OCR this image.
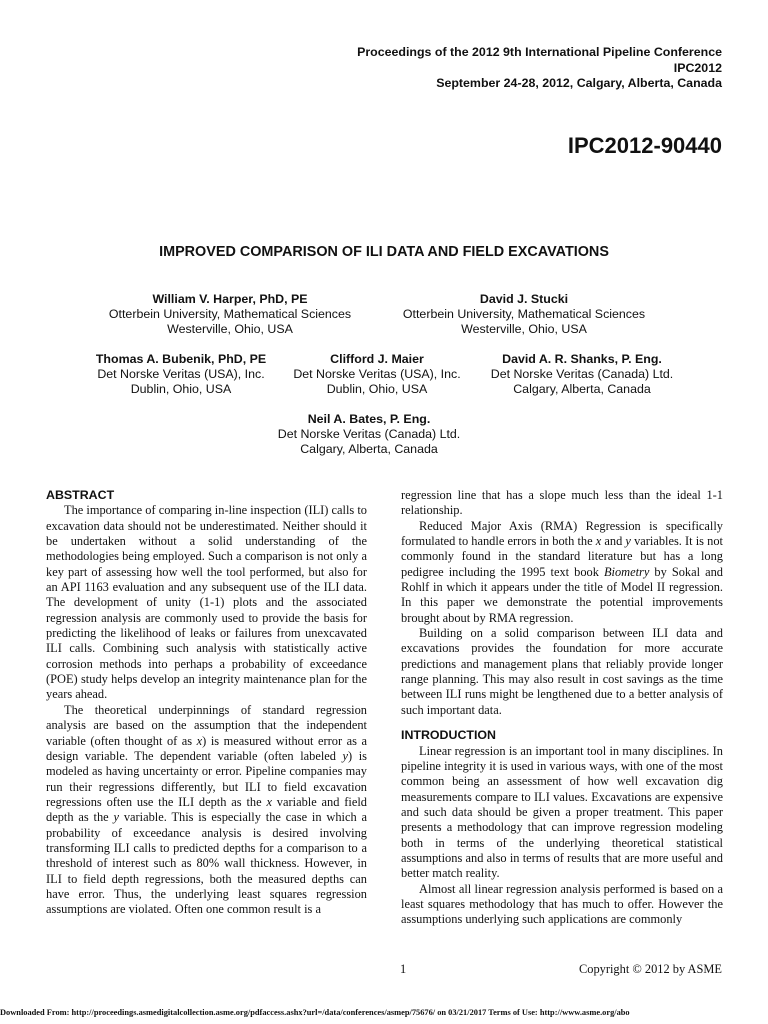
Proceedings of the 2012 9th International Pipeline Conference
IPC2012
September 24-28, 2012, Calgary, Alberta, Canada
IPC2012-90440
IMPROVED COMPARISON OF ILI DATA AND FIELD EXCAVATIONS
William V. Harper, PhD, PE
Otterbein University, Mathematical Sciences
Westerville, Ohio, USA
David J. Stucki
Otterbein University, Mathematical Sciences
Westerville, Ohio, USA
Thomas A. Bubenik, PhD, PE
Det Norske Veritas (USA), Inc.
Dublin, Ohio, USA
Clifford J. Maier
Det Norske Veritas (USA), Inc.
Dublin, Ohio, USA
David A. R. Shanks, P. Eng.
Det Norske Veritas (Canada) Ltd.
Calgary, Alberta, Canada
Neil A. Bates, P. Eng.
Det Norske Veritas (Canada) Ltd.
Calgary, Alberta, Canada
ABSTRACT

The importance of comparing in-line inspection (ILI) calls to excavation data should not be underestimated. Neither should it be undertaken without a solid understanding of the methodologies being employed. Such a comparison is not only a key part of assessing how well the tool performed, but also for an API 1163 evaluation and any subsequent use of the ILI data. The development of unity (1-1) plots and the associated regression analysis are commonly used to provide the basis for predicting the likelihood of leaks or failures from unexcavated ILI calls. Combining such analysis with statistically active corrosion methods into perhaps a probability of exceedance (POE) study helps develop an integrity maintenance plan for the years ahead.

The theoretical underpinnings of standard regression analysis are based on the assumption that the independent variable (often thought of as x) is measured without error as a design variable. The dependent variable (often labeled y) is modeled as having uncertainty or error. Pipeline companies may run their regressions differently, but ILI to field excavation regressions often use the ILI depth as the x variable and field depth as the y variable. This is especially the case in which a probability of exceedance analysis is desired involving transforming ILI calls to predicted depths for a comparison to a threshold of interest such as 80% wall thickness. However, in ILI to field depth regressions, both the measured depths can have error. Thus, the underlying least squares regression assumptions are violated. Often one common result is a

regression line that has a slope much less than the ideal 1-1 relationship.

Reduced Major Axis (RMA) Regression is specifically formulated to handle errors in both the x and y variables. It is not commonly found in the standard literature but has a long pedigree including the 1995 text book Biometry by Sokal and Rohlf in which it appears under the title of Model II regression. In this paper we demonstrate the potential improvements brought about by RMA regression.

Building on a solid comparison between ILI data and excavations provides the foundation for more accurate predictions and management plans that reliably provide longer range planning. This may also result in cost savings as the time between ILI runs might be lengthened due to a better analysis of such important data.

INTRODUCTION

Linear regression is an important tool in many disciplines. In pipeline integrity it is used in various ways, with one of the most common being an assessment of how well excavation dig measurements compare to ILI values. Excavations are expensive and such data should be given a proper treatment. This paper presents a methodology that can improve regression modeling both in terms of the underlying theoretical statistical assumptions and also in terms of results that are more useful and better match reality.

Almost all linear regression analysis performed is based on a least squares methodology that has much to offer. However the assumptions underlying such applications are commonly

1	Copyright © 2012 by ASME
Downloaded From: http://proceedings.asmedigitalcollection.asme.org/pdfaccess.ashx?url=/data/conferences/asmep/75676/ on 03/21/2017 Terms of Use: http://www.asme.org/abo
